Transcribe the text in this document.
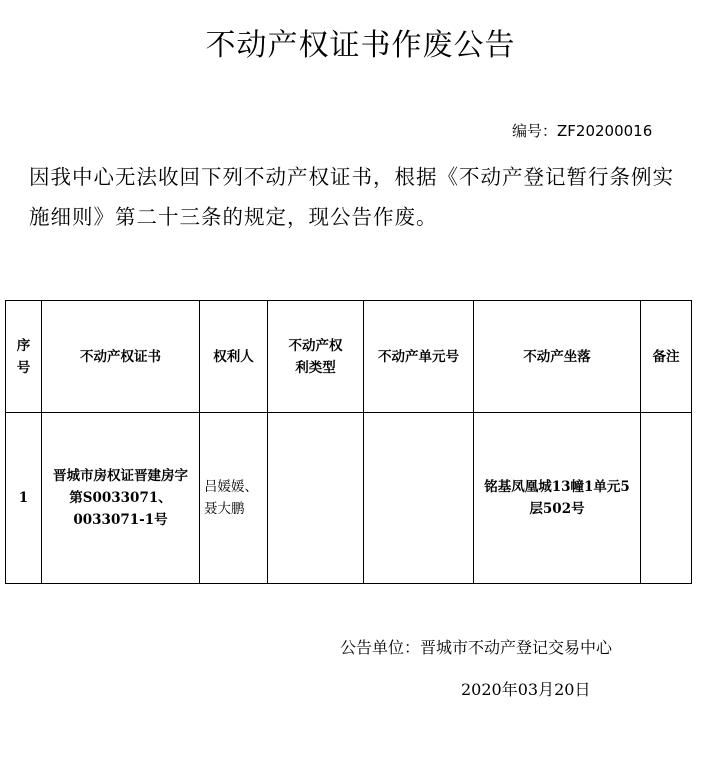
不动产权证书作废公告
编号：ZF20200016
因我中心无法收回下列不动产权证书，根据《不动产登记暂行条例实施细则》第二十三条的规定，现公告作废。
序号	不动产权证书	权利人	不动产权利类型	不动产单元号	不动产坐落	备注
1	晋城市房权证晋建房字第S0033071、0033071-1号	吕媛媛、聂大鹏			铭基凤凰城13幢1单元5层502号	
公告单位：晋城市不动产登记交易中心
2020年03月20日
